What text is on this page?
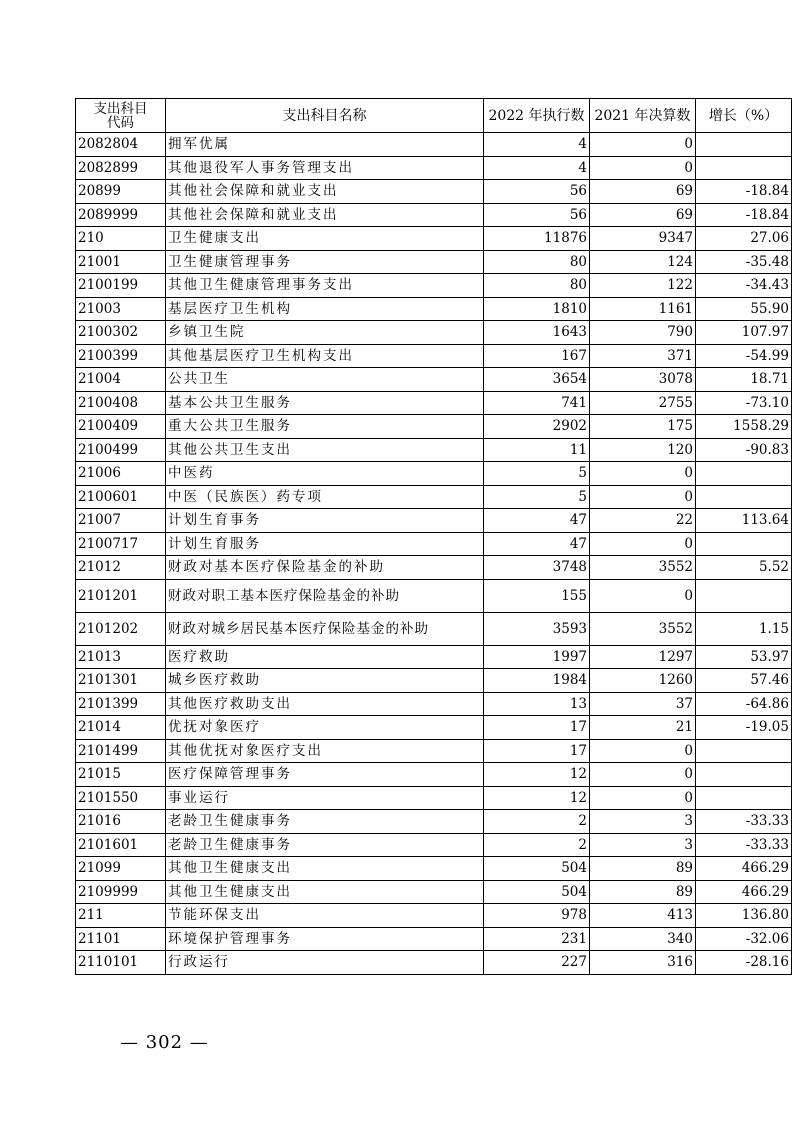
支出科目
代码	支出科目名称	2022 年执行数	2021 年决算数	增长（%）
2082804	拥军优属	4	0	
2082899	其他退役军人事务管理支出	4	0	
20899	其他社会保障和就业支出	56	69	-18.84
2089999	其他社会保障和就业支出	56	69	-18.84
210	卫生健康支出	11876	9347	27.06
21001	卫生健康管理事务	80	124	-35.48
2100199	其他卫生健康管理事务支出	80	122	-34.43
21003	基层医疗卫生机构	1810	1161	55.90
2100302	乡镇卫生院	1643	790	107.97
2100399	其他基层医疗卫生机构支出	167	371	-54.99
21004	公共卫生	3654	3078	18.71
2100408	基本公共卫生服务	741	2755	-73.10
2100409	重大公共卫生服务	2902	175	1558.29
2100499	其他公共卫生支出	11	120	-90.83
21006	中医药	5	0	
2100601	中医（民族医）药专项	5	0	
21007	计划生育事务	47	22	113.64
2100717	计划生育服务	47	0	
21012	财政对基本医疗保险基金的补助	3748	3552	5.52
2101201	财政对职工基本医疗保险基金的补助	155	0	
2101202	财政对城乡居民基本医疗保险基金的补助	3593	3552	1.15
21013	医疗救助	1997	1297	53.97
2101301	城乡医疗救助	1984	1260	57.46
2101399	其他医疗救助支出	13	37	-64.86
21014	优抚对象医疗	17	21	-19.05
2101499	其他优抚对象医疗支出	17	0	
21015	医疗保障管理事务	12	0	
2101550	事业运行	12	0	
21016	老龄卫生健康事务	2	3	-33.33
2101601	老龄卫生健康事务	2	3	-33.33
21099	其他卫生健康支出	504	89	466.29
2109999	其他卫生健康支出	504	89	466.29
211	节能环保支出	978	413	136.80
21101	环境保护管理事务	231	340	-32.06
2110101	行政运行	227	316	-28.16
— 302 —
